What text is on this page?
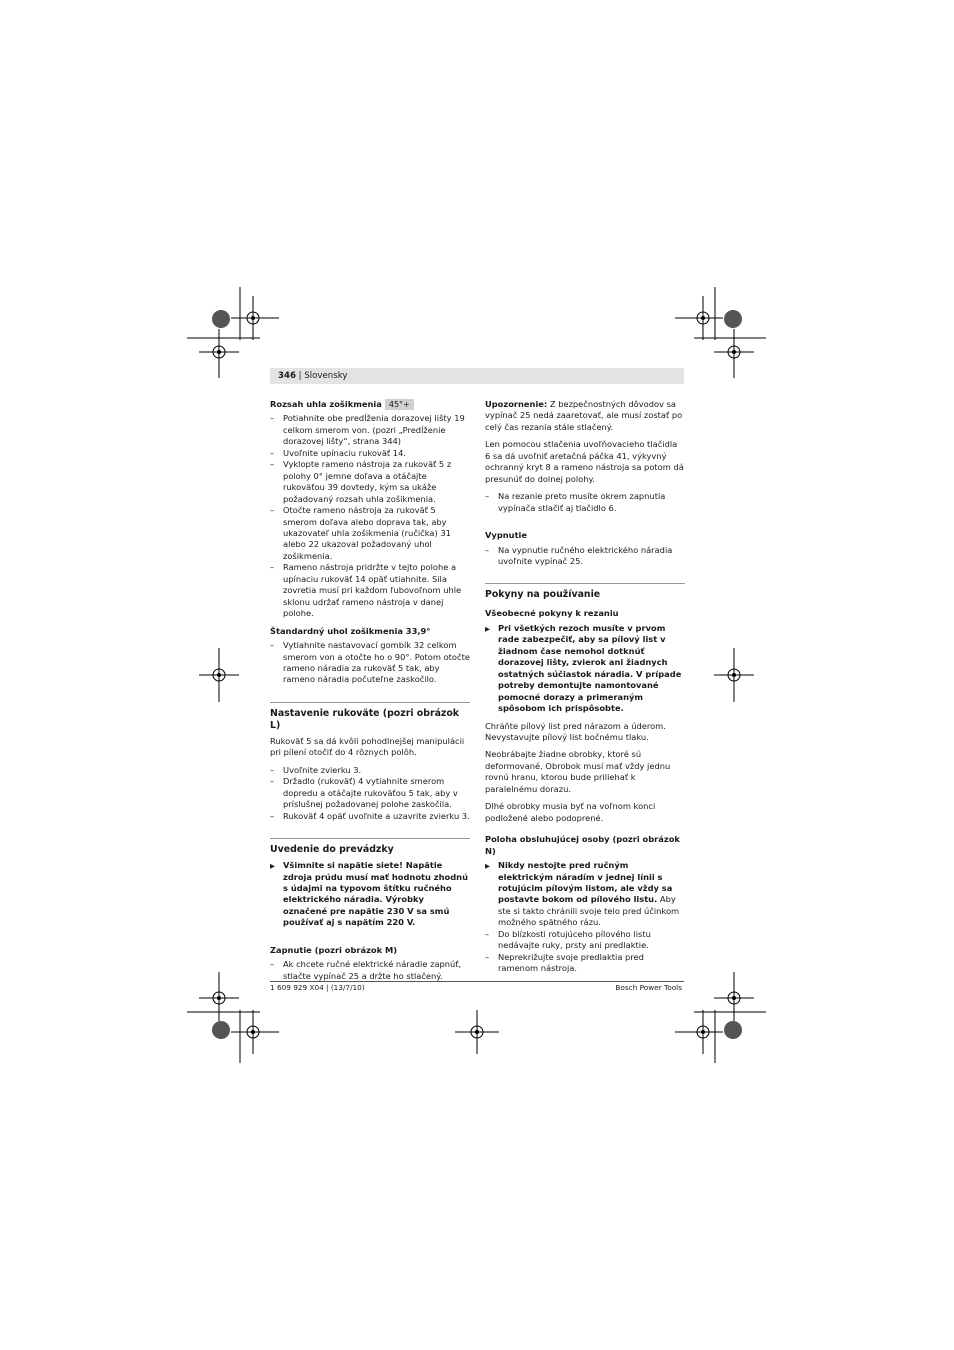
346 | Slovensky
Rozsah uhla zošikmenia 45°+
– Potiahnite obe predĺženia dorazovej lišty 19 celkom smerom von. (pozri „Predĺženie dorazovej lišty“, strana 344)
– Uvoľnite upínaciu rukoväť 14.
– Vyklopte rameno nástroja za rukoväť 5 z polohy 0° jemne doľava a otáčajte rukoväťou 39 dovtedy, kým sa ukáže požadovaný rozsah uhla zošikmenia.
– Otočte rameno nástroja za rukoväť 5 smerom doľava alebo doprava tak, aby ukazovateľ uhla zošikmenia (ručička) 31 alebo 22 ukazoval požadovaný uhol zošikmenia.
– Rameno nástroja pridržte v tejto polohe a upínaciu rukoväť 14 opäť utiahnite. Sila zovretia musí pri každom ľubovoľnom uhle sklonu udržať rameno nástroja v danej polohe.
Štandardný uhol zošikmenia 33,9°
– Vytiahnite nastavovací gombík 32 celkom smerom von a otočte ho o 90°. Potom otočte rameno náradia za rukoväť 5 tak, aby rameno náradia počuteľne zaskočilo.
Nastavenie rukoväte (pozri obrázok L)

Rukoväť 5 sa dá kvôli pohodlnejšej manipulácii pri pílení otočiť do 4 rôznych polôh.

– Uvoľnite zvierku 3.
– Držadlo (rukoväť) 4 vytiahnite smerom dopredu a otáčajte rukoväťou 5 tak, aby v príslušnej požadovanej polohe zaskočila.
– Rukoväť 4 opäť uvoľnite a uzavrite zvierku 3.
Uvedenie do prevádzky
▶ Všimnite si napätie siete! Napätie zdroja prúdu musí mať hodnotu zhodnú s údajmi na typovom štítku ručného elektrického náradia. Výrobky označené pre napätie 230 V sa smú používať aj s napätím 220 V.
Zapnutie (pozri obrázok M)
– Ak chcete ručné elektrické náradie zapnúť, stlačte vypínač 25 a držte ho stlačený.

Upozornenie: Z bezpečnostných dôvodov sa vypínač 25 nedá zaaretovať, ale musí zostať po celý čas rezania stále stlačený.

Len pomocou stlačenia uvoľňovacieho tlačidla 6 sa dá uvoľniť aretačná páčka 41, výkyvný ochranný kryt 8 a rameno nástroja sa potom dá presunúť do dolnej polohy.

– Na rezanie preto musíte okrem zapnutia vypínača stlačiť aj tlačidlo 6.
Vypnutie
– Na vypnutie ručného elektrického náradia uvoľnite vypínač 25.
Pokyny na používanie
Všeobecné pokyny k rezaniu
▶ Pri všetkých rezoch musíte v prvom rade zabezpečiť, aby sa pílový list v žiadnom čase nemohol dotknúť dorazovej lišty, zvierok ani žiadnych ostatných súčiastok náradia. V prípade potreby demontujte namontované pomocné dorazy a primeraným spôsobom ich prispôsobte.

Chráňte pílový list pred nárazom a úderom. Nevystavujte pílový list bočnému tlaku.

Neobrábajte žiadne obrobky, ktoré sú deformované. Obrobok musí mať vždy jednu rovnú hranu, ktorou bude priliehať k paralelnému dorazu.

Dlhé obrobky musia byť na voľnom konci podložené alebo podoprené.

Poloha obsluhujúcej osoby (pozri obrázok N)
▶ Nikdy nestojte pred ručným elektrickým náradím v jednej línii s rotujúcim pílovým listom, ale vždy sa postavte bokom od pílového listu. Aby ste si takto chránili svoje telo pred účinkom možného spätného rázu.
– Do blízkosti rotujúceho pílového listu nedávajte ruky, prsty ani predlaktie.
– Neprekrižujte svoje predlaktia pred ramenom nástroja.
1 609 929 X04 | (13/7/10)	Bosch Power Tools
